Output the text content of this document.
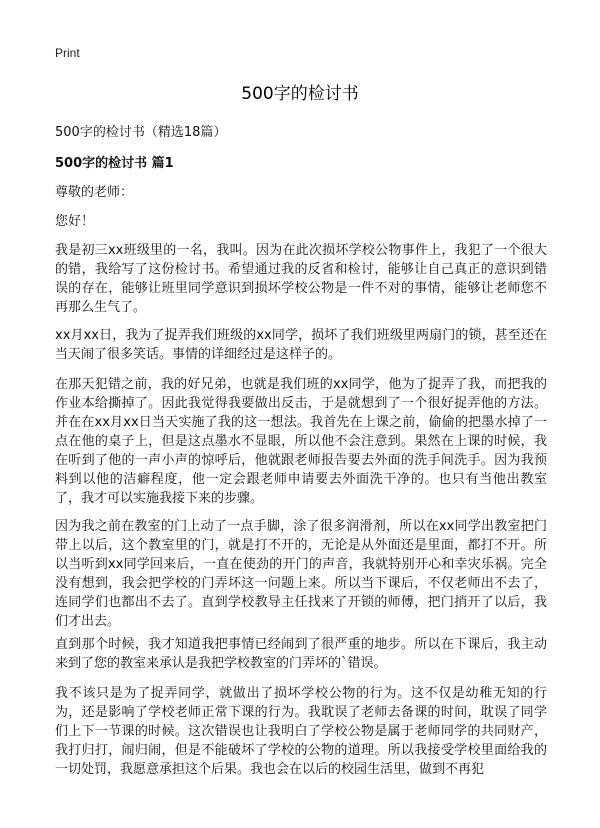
Print
500字的检讨书
500字的检讨书（精选18篇）
500字的检讨书 篇1
尊敬的老师：
您好！

我是初三xx班级里的一名，我叫。因为在此次损坏学校公物事件上，我犯了一个很大的错，我给写了这份检讨书。希望通过我的反省和检讨，能够让自己真正的意识到错误的存在，能够让班里同学意识到损坏学校公物是一件不对的事情，能够让老师您不再那么生气了。

xx月xx日，我为了捉弄我们班级的xx同学，损坏了我们班级里两扇门的锁，甚至还在当天闹了很多笑话。事情的详细经过是这样子的。

在那天犯错之前，我的好兄弟，也就是我们班的xx同学，他为了捉弄了我，而把我的作业本给撕掉了。因此我觉得我要做出反击，于是就想到了一个很好捉弄他的方法。并在在xx月xx日当天实施了我的这一想法。我首先在上课之前，偷偷的把墨水掉了一点在他的桌子上，但是这点墨水不显眼，所以他不会注意到。果然在上课的时候，我在听到了他的一声小声的惊呼后，他就跟老师报告要去外面的洗手间洗手。因为我预料到以他的洁癖程度，他一定会跟老师申请要去外面洗干净的。也只有当他出教室了，我才可以实施我接下来的步骤。

因为我之前在教室的门上动了一点手脚，涂了很多润滑剂，所以在xx同学出教室把门带上以后，这个教室里的门，就是打不开的，无论是从外面还是里面，都打不开。所以当听到xx同学回来后，一直在使劲的开门的声音，我就特别开心和幸灾乐祸。完全没有想到，我会把学校的门弄坏这一问题上来。所以当下课后，不仅老师出不去了，连同学们也都出不去了。直到学校教导主任找来了开锁的师傅，把门捎开了以后，我们才出去。

直到那个时候，我才知道我把事情已经闹到了很严重的地步。所以在下课后，我主动来到了您的教室来承认是我把学校教室的门弄坏的`错误。

我不该只是为了捉弄同学，就做出了损坏学校公物的行为。这不仅是幼稚无知的行为，还是影响了学校老师正常下课的行为。我耽误了老师去备课的时间，耽误了同学们上下一节课的时候。这次错误也让我明白了学校公物是属于老师同学的共同财产，我打归打，闹归闹，但是不能破坏了学校的公物的道理。所以我接受学校里面给我的一切处罚，我愿意承担这个后果。我也会在以后的校园生活里，做到不再犯
